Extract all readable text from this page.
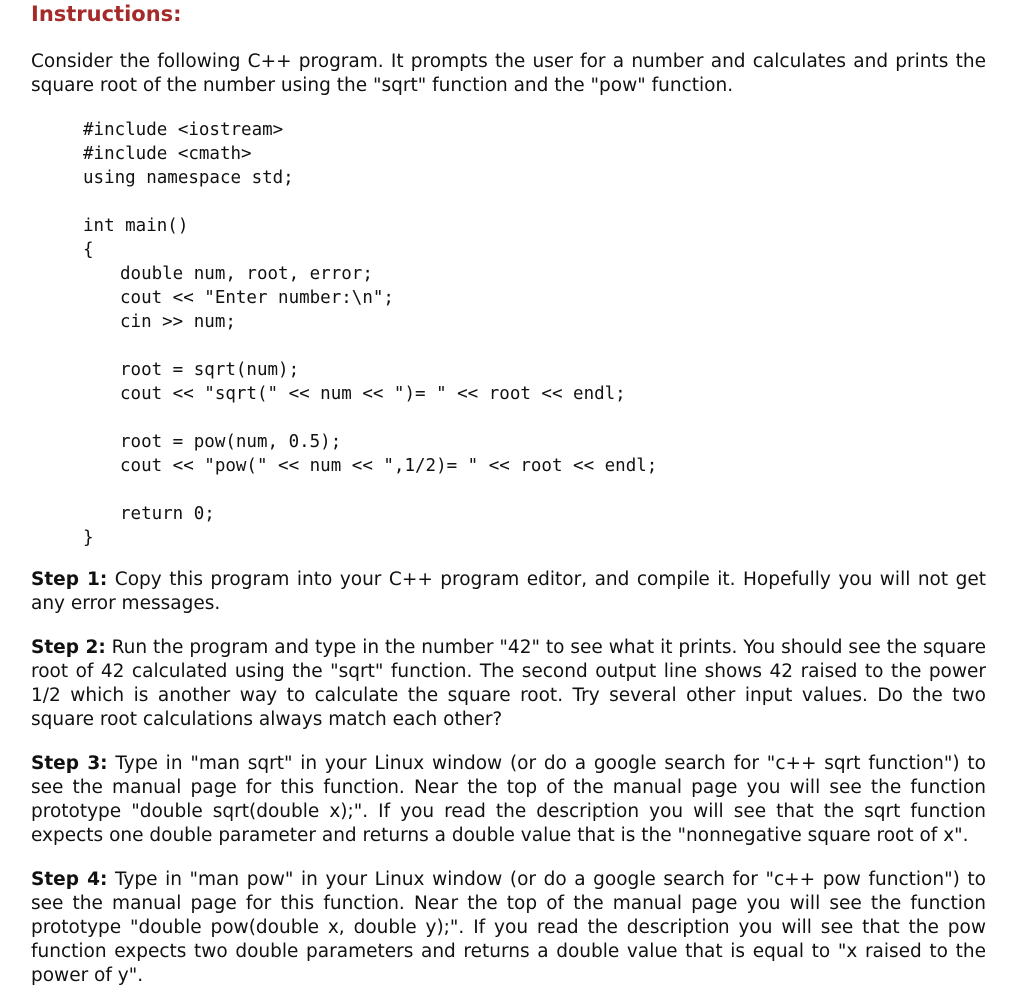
Instructions:

Consider the following C++ program. It prompts the user for a number and calculates and prints the square root of the number using the "sqrt" function and the "pow" function.

#include <iostream>
#include <cmath>
using namespace std;
int main()
{
double num, root, error;
cout << "Enter number:\n";
cin >> num;
root = sqrt(num);
cout << "sqrt(" << num << ")= " << root << endl;
root = pow(num, 0.5);
cout << "pow(" << num << ",1/2)= " << root << endl;
return 0;
}

Step 1: Copy this program into your C++ program editor, and compile it. Hopefully you will not get any error messages.

Step 2: Run the program and type in the number "42" to see what it prints. You should see the square root of 42 calculated using the "sqrt" function. The second output line shows 42 raised to the power 1/2 which is another way to calculate the square root. Try several other input values. Do the two square root calculations always match each other?

Step 3: Type in "man sqrt" in your Linux window (or do a google search for "c++ sqrt function") to see the manual page for this function. Near the top of the manual page you will see the function prototype "double sqrt(double x);". If you read the description you will see that the sqrt function expects one double parameter and returns a double value that is the "nonnegative square root of x".

Step 4: Type in "man pow" in your Linux window (or do a google search for "c++ pow function") to see the manual page for this function. Near the top of the manual page you will see the function prototype "double pow(double x, double y);". If you read the description you will see that the pow function expects two double parameters and returns a double value that is equal to "x raised to the power of y".
